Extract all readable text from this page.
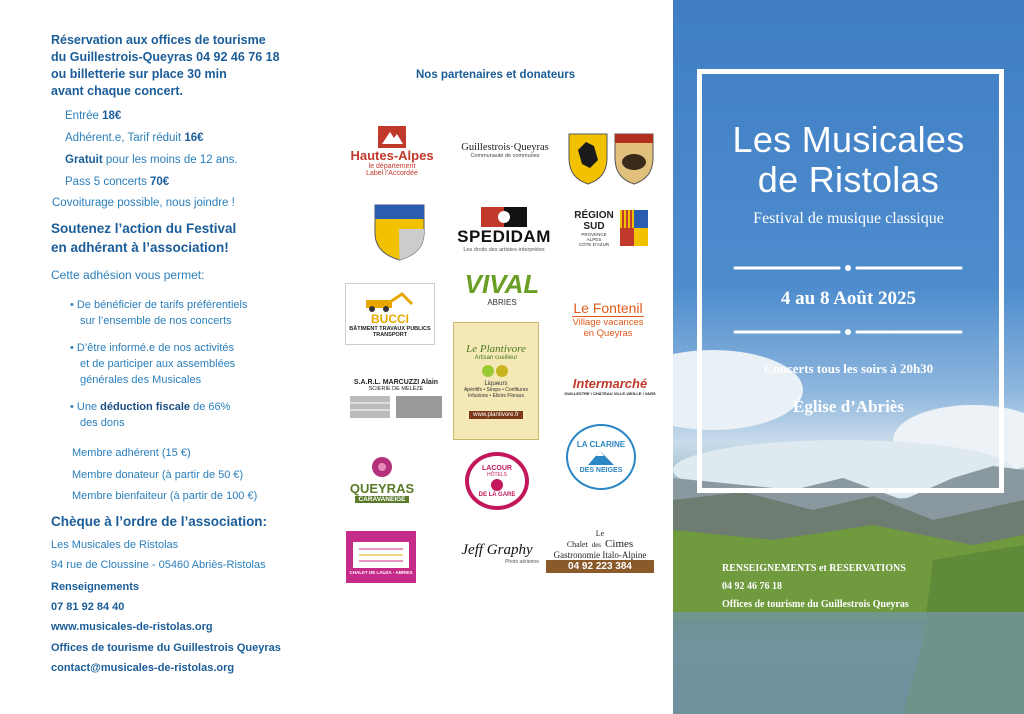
Réservation aux offices de tourisme
du Guillestrois-Queyras 04 92 46 76 18
ou billetterie sur place 30 min
avant chaque concert.
Entrée 18€
Adhérent.e, Tarif réduit 16€
Gratuit pour les moins de 12 ans.
Pass 5 concerts 70€
Covoiturage possible, nous joindre !
Soutenez l’action du Festival
en adhérant à l’association!
Cette adhésion vous permet:
• De bénéficier de tarifs préférentiels
sur l’ensemble de nos concerts
• D’être informé.e de nos activités
et de participer aux assemblées
générales des Musicales
• Une déduction fiscale de 66%
des dons
Membre adhérent (15 €)
Membre donateur (à partir de 50 €)
Membre bienfaiteur (à partir de 100 €)
Chèque à l’ordre de l’association:
Les Musicales de Ristolas
94 rue de Cloussine - 05460 Abriès-Ristolas
Renseignements
07 81 92 84 40
www.musicales-de-ristolas.org
Offices de tourisme du Guillestrois Queyras
contact@musicales-de-ristolas.org
Nos partenaires et donateurs
Hautes-Alpes
le département
Label l’Accordée
Guillestrois·Queyras
Communauté de communes
SPEDIDAM
Les droits des artistes-interprètes
RÉGION
SUD
PROVENCE
ALPES
CÔTE D’AZUR
BUCCI
BÂTIMENT TRAVAUX PUBLICS
TRANSPORT
VIVAL
ABRIES	Le Fontenil
Village vacances
en Queyras
S.A.R.L. MARCUZZI Alain
SCIERIE DE MÉLÈZE
Le Plantivore
Artisan cueilleur
Liqueurs
Apéritifs • Sirops • Confitures
Infusions • Elixirs Floraux
www.plantivore.fr
Intermarché
GUILLESTRE / CHÂTEAU VILLE-VIEILLE / VARS
QUEYRAS
CARAVANEIGE
LACOUR
HÔTELS
DE LA GARE
LA CLARINE
DES NEIGES
CHALET DE LAUZA - ABRIES
Jeff Graphy
Photo aérienne
Le
Chalet des Cimes
Gastronomie Italo-Alpine
04 92 223 384
Les Musicales
de Ristolas
Festival de musique classique
4 au 8 Août 2025
Concerts tous les soirs à 20h30
Église d’Abriès
RENSEIGNEMENTS et RESERVATIONS
04 92 46 76 18
Offices de tourisme du Guillestrois Queyras
